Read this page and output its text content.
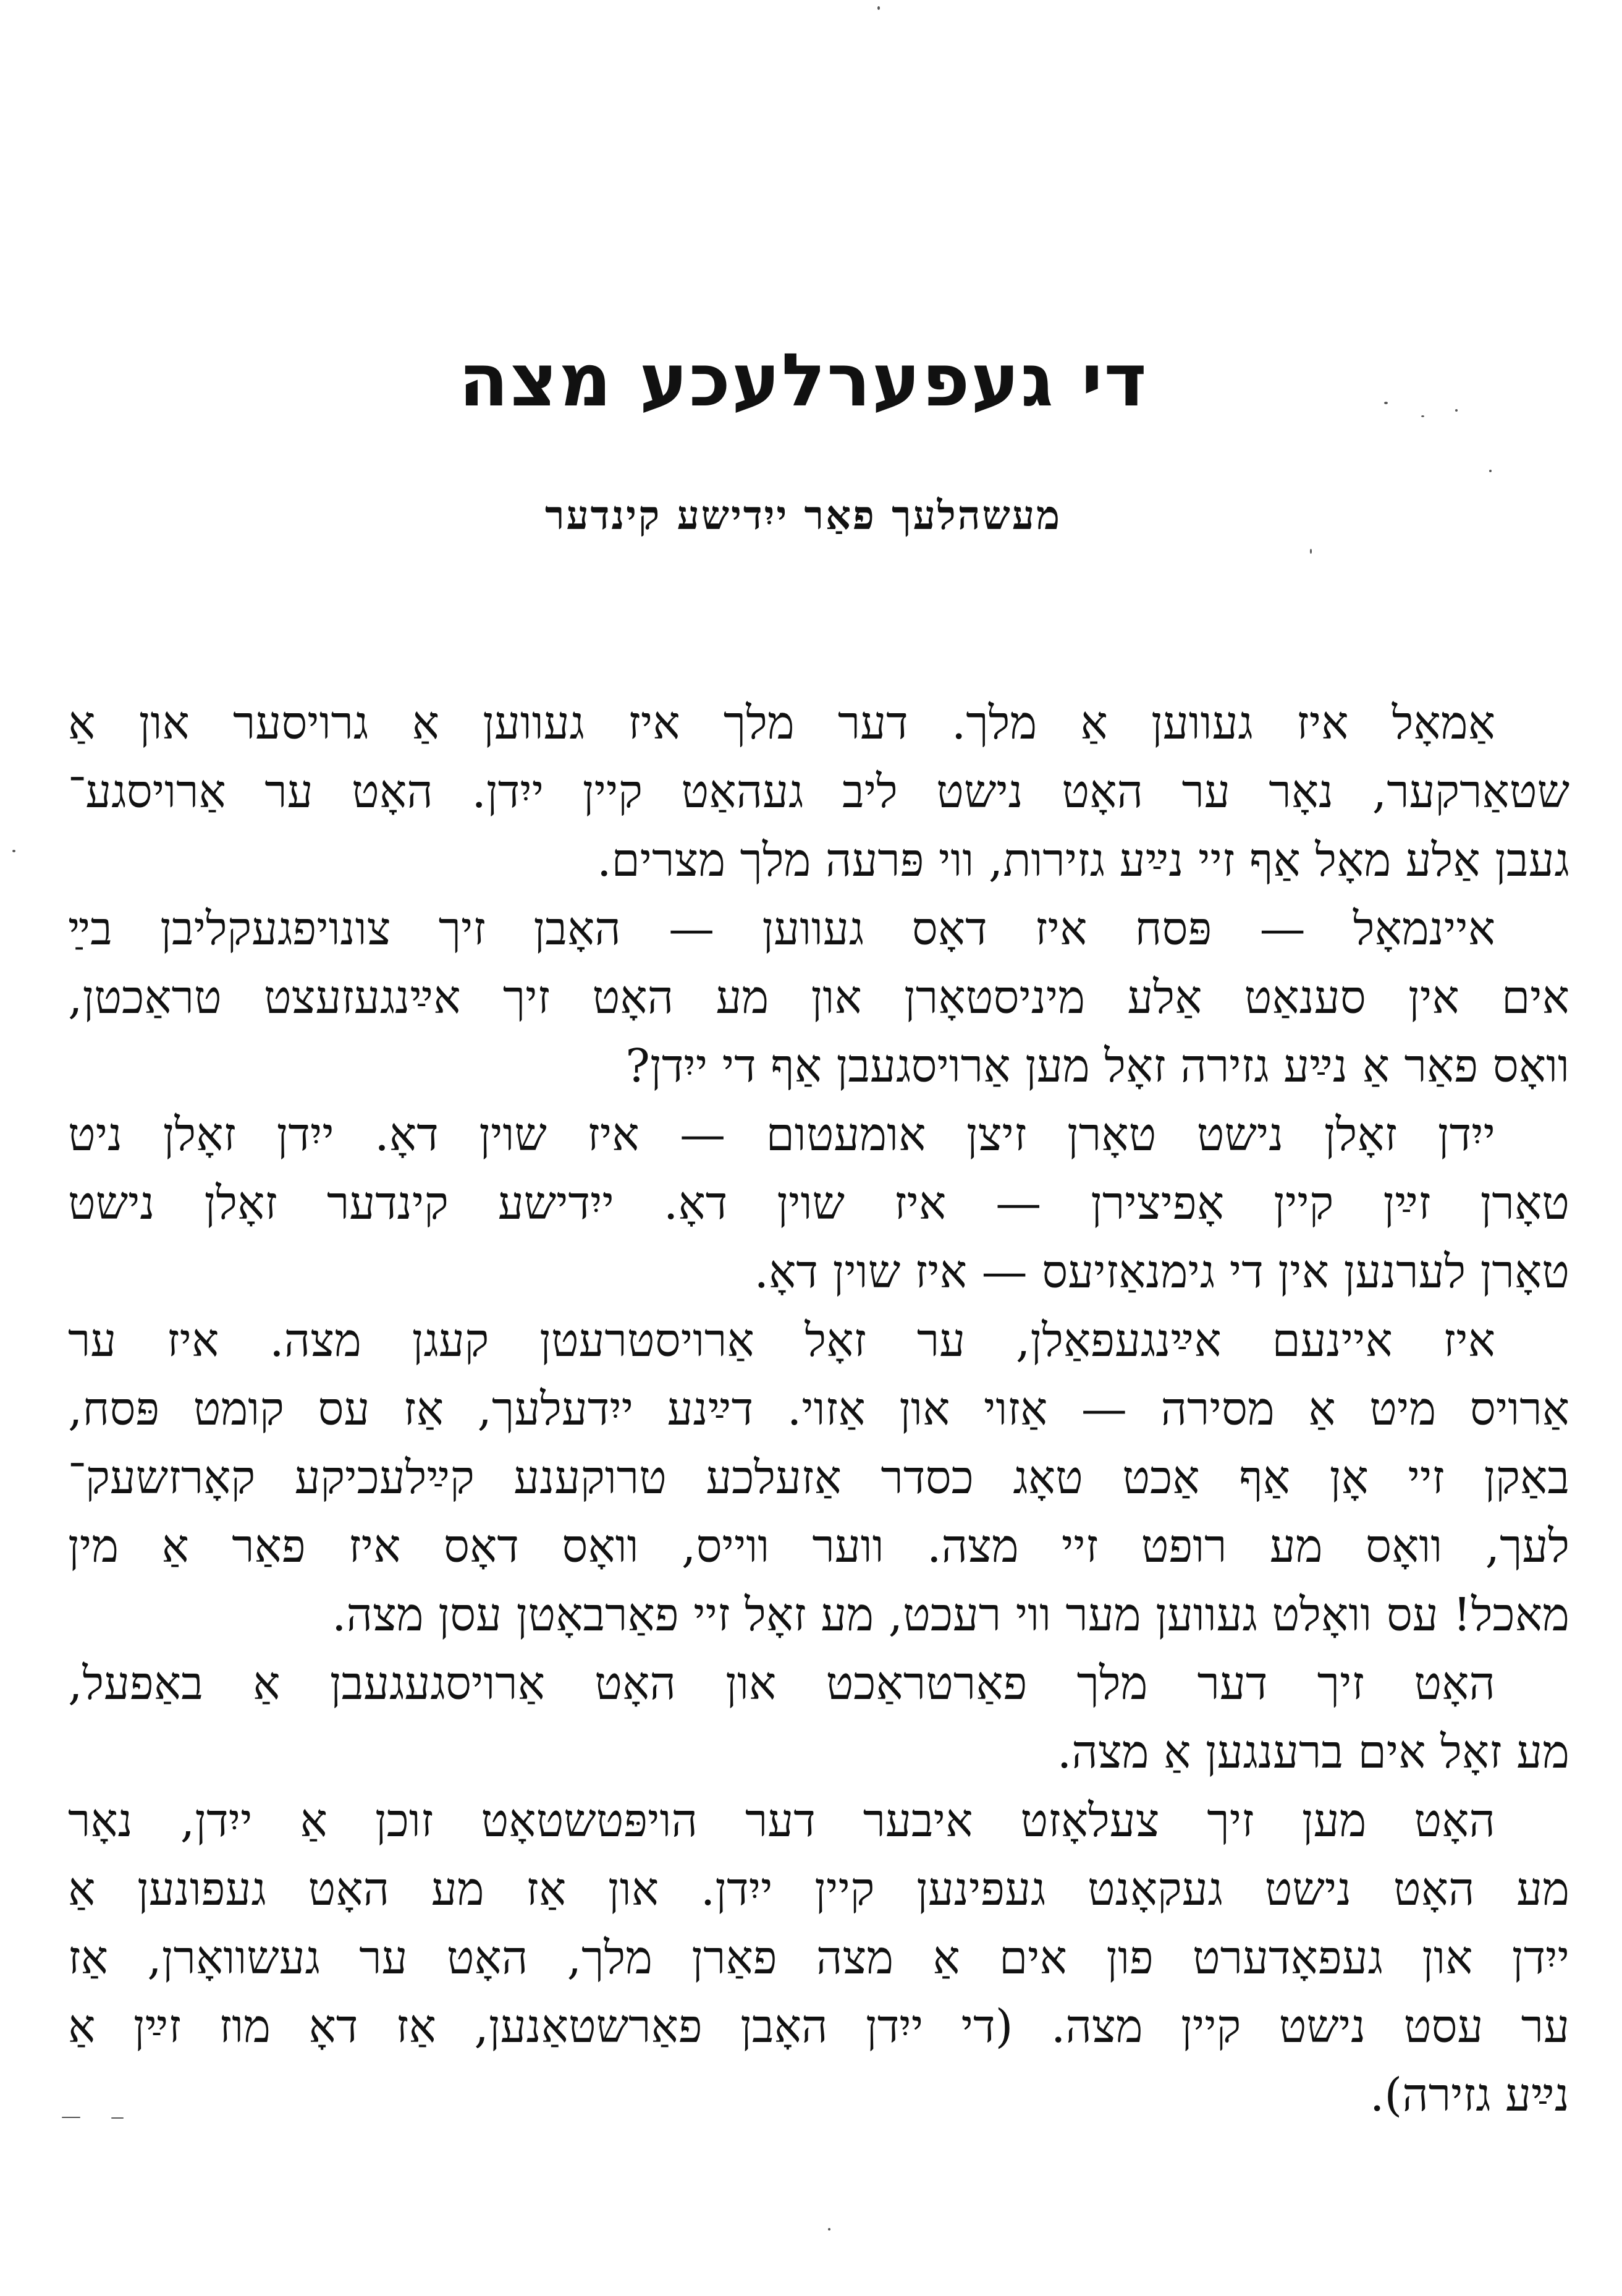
די געפערלעכע מצה
מעשהלעך פאַר ייִדישע קינדער
אַמאָל איז געווען אַ מלך. דער מלך איז געווען אַ גרויסער און אַ
שטאַרקער, נאָר ער האָט נישט ליב געהאַט קיין ייִדן. האָט ער אַרויסגע־
געבן אַלע מאָל אַף זיי נײַע גזירות, ווי פּרעה מלך מצרים.
איינמאָל — פּסח איז דאָס געווען — האָבן זיך צונויפגעקליבן בײַ
אים אין סענאַט אַלע מיניסטאָרן און מע האָט זיך אײַנגעזעצט טראַכטן,
וואָס פאַר אַ נײַע גזירה זאָל מען אַרויסגעבן אַף די ייִדן?
ייִדן זאָלן נישט טאָרן זיצן אומעטום — איז שוין דאָ. ייִדן זאָלן ניט
טאָרן זײַן קיין אָפיצירן — איז שוין דאָ. ייִדישע קינדער זאָלן נישט
טאָרן לערנען אין די גימנאַזיעס — איז שוין דאָ.
איז איינעם אײַנגעפאַלן, ער זאָל אַרויסטרעטן קעגן מצה. איז ער
אַרויס מיט אַ מסירה — אַזוי און אַזוי. דײַנע ייִדעלעך, אַז עס קומט פּסח,
באַקן זיי אָן אַף אַכט טאָג כסדר אַזעלכע טרוקענע קײַלעכיקע קאָרזשעק־
לעך, וואָס מע רופט זיי מצה. ווער ווייס, וואָס דאָס איז פאַר אַ מין
מאכל! עס וואָלט געווען מער ווי רעכט, מע זאָל זיי פאַרבאָטן עסן מצה.
האָט זיך דער מלך פאַרטראַכט און האָט אַרויסגעגעבן אַ באַפעל,
מע זאָל אים ברענגען אַ מצה.
האָט מען זיך צעלאָזט איבער דער הויפּטשטאָט זוכן אַ ייִדן, נאָר
מע האָט נישט געקאָנט געפינען קיין ייִדן. און אַז מע האָט געפונען אַ
ייִדן און געפאָדערט פון אים אַ מצה פאַרן מלך, האָט ער געשוואָרן, אַז
ער עסט נישט קיין מצה. (די ייִדן האָבן פאַרשטאַנען, אַז דאָ מוז זײַן אַ
נײַע גזירה).
